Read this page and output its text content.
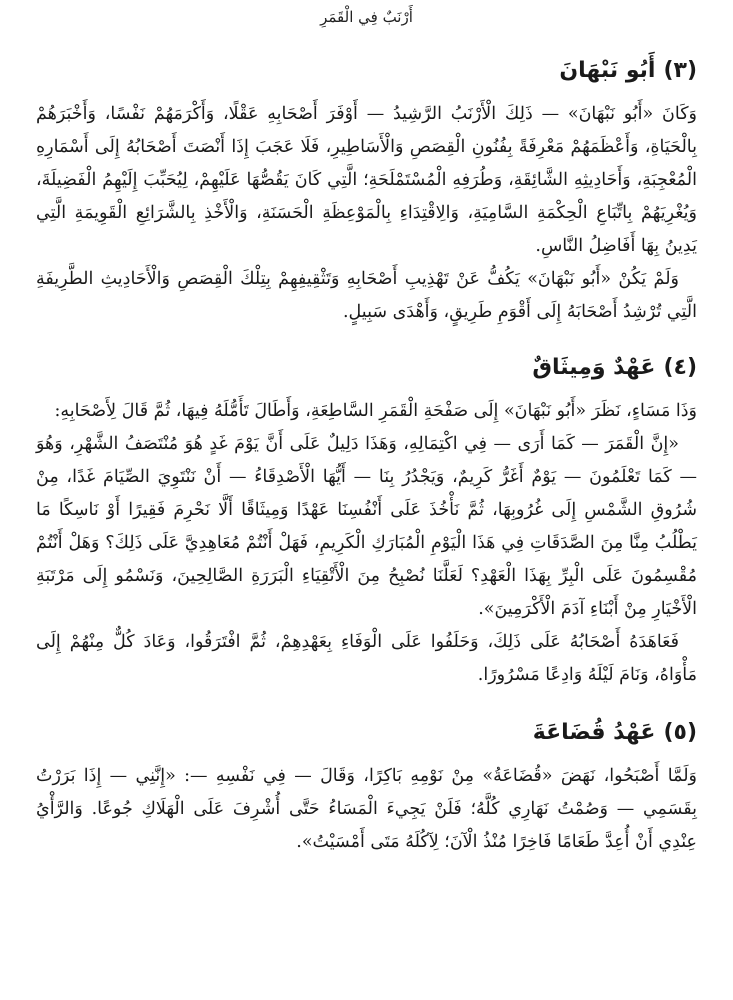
أَرْنَبٌ فِي الْقَمَرِ
(٣)أَبُو نَبْهَانَ

وَكَانَ «أَبُو نَبْهَانَ» — ذَلِكَ الْأَرْنَبُ الرَّشِيدُ — أَوْفَرَ أَصْحَابِهِ عَقْلًا، وَأَكْرَمَهُمْ نَفْسًا، وَأَخْبَرَهُمْ بِالْحَيَاةِ، وَأَعْظَمَهُمْ مَعْرِفَةً بِفُنُونِ الْقِصَصِ وَالْأَسَاطِيرِ، فَلَا عَجَبَ إِذَا أَنْصَتَ أَصْحَابُهُ إِلَى أَسْمَارِهِ الْمُعْجِبَةِ، وَأَحَادِيثِهِ الشَّائِقَةِ، وَطُرَفِهِ الْمُسْتَمْلَحَةِ؛ الَّتِي كَانَ يَقُصُّهَا عَلَيْهِمْ، لِيُحَبِّبَ إِلَيْهِمُ الْفَضِيلَةَ، وَيُغْرِيَهُمْ بِاتِّبَاعِ الْحِكْمَةِ السَّامِيَةِ، وَالِاقْتِدَاءِ بِالْمَوْعِظَةِ الْحَسَنَةِ، وَالْأَخْذِ بِالشَّرَائِعِ الْقَوِيمَةِ الَّتِي يَدِينُ بِهَا أَفَاضِلُ النَّاسِ.

وَلَمْ يَكُنْ «أَبُو نَبْهَانَ» يَكُفُّ عَنْ تَهْذِيبِ أَصْحَابِهِ وَتَثْقِيفِهِمْ بِتِلْكَ الْقِصَصِ وَالْأَحَادِيثِ الطَّرِيفَةِ الَّتِي تُرْشِدُ أَصْحَابَهُ إِلَى أَقْوَمِ طَرِيقٍ، وَأَهْدَى سَبِيلٍ.

(٤)عَهْدٌ وَمِيثَاقٌ

وَذَا مَسَاءٍ، نَظَرَ «أَبُو نَبْهَانَ» إِلَى صَفْحَةِ الْقَمَرِ السَّاطِعَةِ، وَأَطَالَ تَأَمُّلَهُ فِيهَا، ثُمَّ قَالَ لِأَصْحَابِهِ:

«إِنَّ الْقَمَرَ — كَمَا أَرَى — فِي اكْتِمَالِهِ، وَهَذَا دَلِيلٌ عَلَى أَنَّ يَوْمَ غَدٍ هُوَ مُنْتَصَفُ الشَّهْرِ، وَهُوَ — كَمَا تَعْلَمُونَ — يَوْمٌ أَغَرُّ كَرِيمٌ، وَيَجْدُرُ بِنَا — أَيُّهَا الْأَصْدِقَاءُ — أَنْ نَنْتَوِيَ الصِّيَامَ غَدًا، مِنْ شُرُوقِ الشَّمْسِ إِلَى غُرُوبِهَا، ثُمَّ نَأْخُذَ عَلَى أَنْفُسِنَا عَهْدًا وَمِيثَاقًا أَلَّا نَحْرِمَ فَقِيرًا أَوْ نَاسِكًا مَا يَطْلُبُ مِنَّا مِنَ الصَّدَقَاتِ فِي هَذَا الْيَوْمِ الْمُبَارَكِ الْكَرِيمِ، فَهَلْ أَنْتُمْ مُعَاهِدِيَّ عَلَى ذَلِكَ؟ وَهَلْ أَنْتُمْ مُقْسِمُونَ عَلَى الْبِرِّ بِهَذَا الْعَهْدِ؟ لَعَلَّنَا نُصْبِحُ مِنَ الْأَتْقِيَاءِ الْبَرَرَةِ الصَّالِحِينَ، وَنَسْمُو إِلَى مَرْتَبَةِ الْأَخْيَارِ مِنْ أَبْنَاءِ آدَمَ الْأَكْرَمِينَ».

فَعَاهَدَهُ أَصْحَابُهُ عَلَى ذَلِكَ، وَحَلَفُوا عَلَى الْوَفَاءِ بِعَهْدِهِمْ، ثُمَّ افْتَرَقُوا، وَعَادَ كُلٌّ مِنْهُمْ إِلَى مَأْوَاهُ، وَنَامَ لَيْلَهُ وَادِعًا مَسْرُورًا.

(٥)عَهْدُ قُضَاعَةَ

وَلَمَّا أَصْبَحُوا، نَهَضَ «قُضَاعَةُ» مِنْ نَوْمِهِ بَاكِرًا، وَقَالَ — فِي نَفْسِهِ —: «إِنَّنِي — إِذَا بَرَرْتُ بِقَسَمِي — وَصُمْتُ نَهَارِي كُلَّهُ؛ فَلَنْ يَجِيءَ الْمَسَاءُ حَتَّى أُشْرِفَ عَلَى الْهَلَاكِ جُوعًا. وَالرَّأْيُ عِنْدِي أَنْ أُعِدَّ طَعَامًا فَاخِرًا مُنْذُ الْآنَ؛ لِآكُلَهُ مَتَى أَمْسَيْتُ».
